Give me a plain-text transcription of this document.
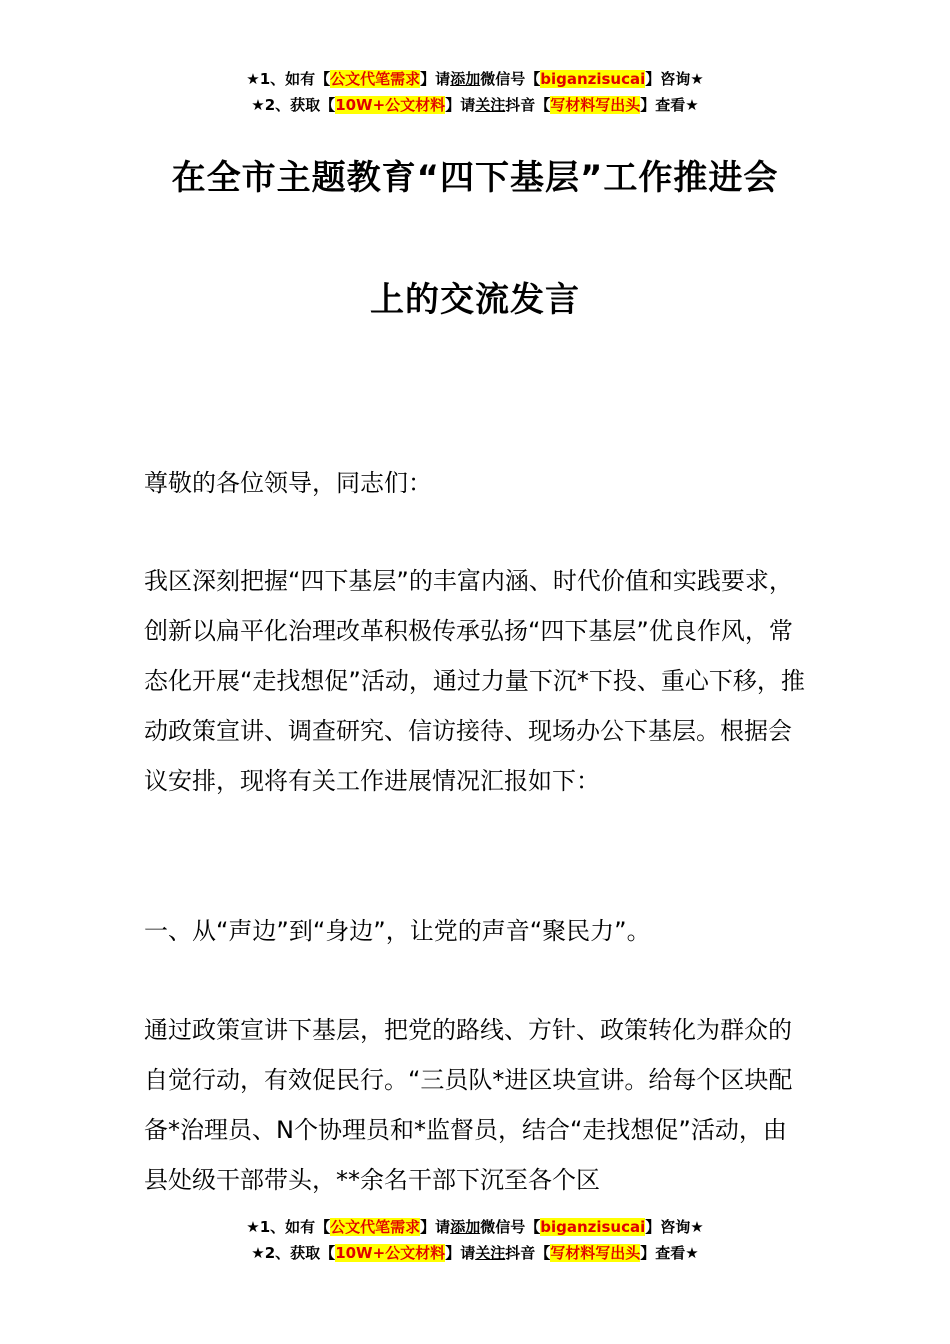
★1、如有【公文代笔需求】请添加微信号【biganzisucai】咨询★
★2、获取【10W+公文材料】请关注抖音【写材料写出头】查看★
在全市主题教育“四下基层”工作推进会
上的交流发言

尊敬的各位领导，同志们：

我区深刻把握“四下基层”的丰富内涵、时代价值和实践要求，创新以扁平化治理改革积极传承弘扬“四下基层”优良作风，常态化开展“走找想促”活动，通过力量下沉*下投、重心下移，推动政策宣讲、调查研究、信访接待、现场办公下基层。根据会议安排，现将有关工作进展情况汇报如下：

一、从“声边”到“身边”，让党的声音“聚民力”。

通过政策宣讲下基层，把党的路线、方针、政策转化为群众的自觉行动，有效促民行。“三员队*进区块宣讲。给每个区块配备*治理员、N个协理员和*监督员，结合“走找想促”活动，由县处级干部带头，**余名干部下沉至各个区

★1、如有【公文代笔需求】请添加微信号【biganzisucai】咨询★
★2、获取【10W+公文材料】请关注抖音【写材料写出头】查看★
